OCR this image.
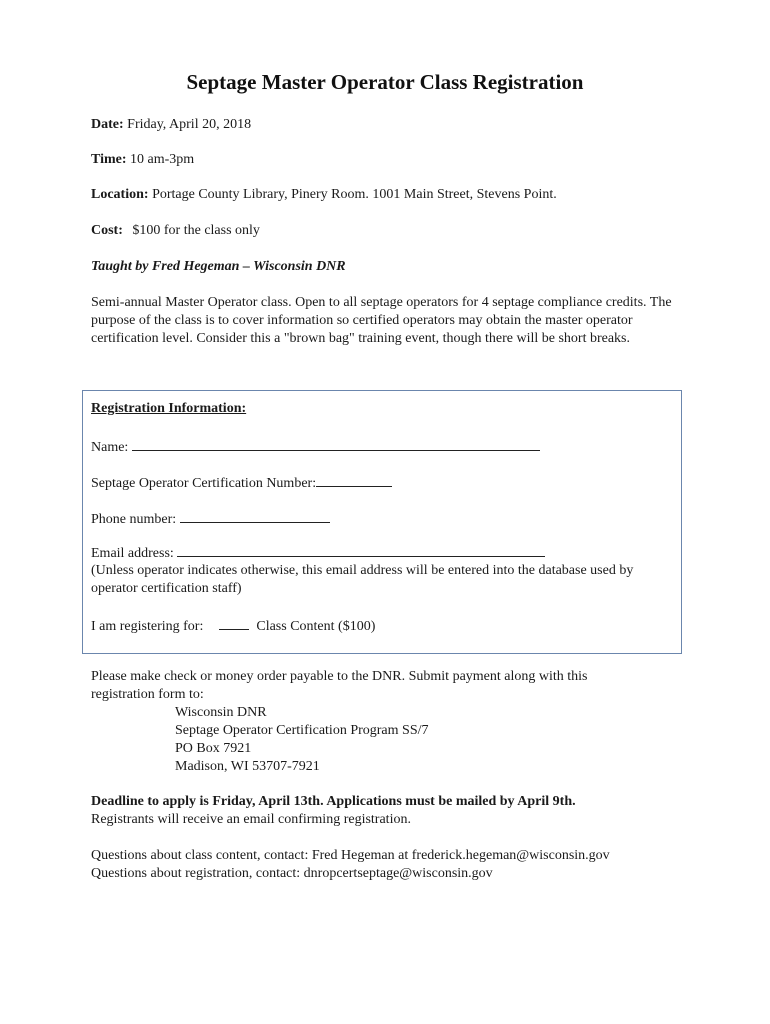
Septage Master Operator Class Registration
Date: Friday, April 20, 2018
Time: 10 am-3pm
Location: Portage County Library, Pinery Room. 1001 Main Street, Stevens Point.
Cost: $100 for the class only
Taught by Fred Hegeman – Wisconsin DNR
Semi-annual Master Operator class. Open to all septage operators for 4 septage compliance credits. The purpose of the class is to cover information so certified operators may obtain the master operator certification level. Consider this a "brown bag" training event, though there will be short breaks.
Registration Information:
Name:
Septage Operator Certification Number:
Phone number:
Email address:
(Unless operator indicates otherwise, this email address will be entered into the database used by operator certification staff)
I am registering for:	Class Content ($100)
Please make check or money order payable to the DNR. Submit payment along with this registration form to:
Wisconsin DNR
Septage Operator Certification Program SS/7
PO Box 7921
Madison, WI 53707-7921
Deadline to apply is Friday, April 13th. Applications must be mailed by April 9th.
Registrants will receive an email confirming registration.
Questions about class content, contact: Fred Hegeman at frederick.hegeman@wisconsin.gov
Questions about registration, contact: dnropcertseptage@wisconsin.gov
